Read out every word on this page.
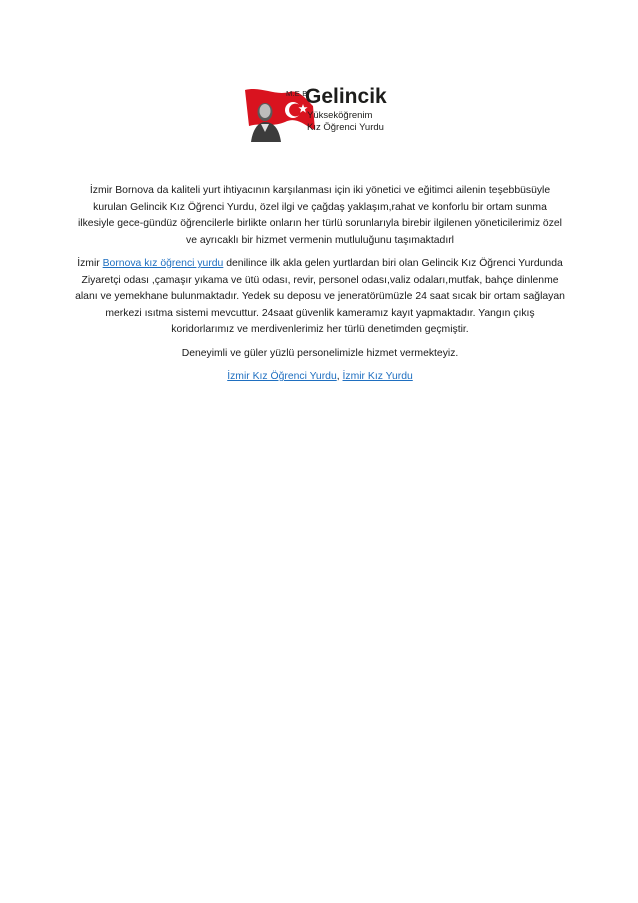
M.E.B
Gelincik
Yükseköğrenim
Kız Öğrenci Yurdu

İzmir Bornova da kaliteli yurt ihtiyacının karşılanması için iki yönetici ve eğitimci ailenin teşebbüsüyle kurulan Gelincik Kız Öğrenci Yurdu, özel ilgi ve çağdaş yaklaşım,rahat ve konforlu bir ortam sunma ilkesiyle gece-gündüz öğrencilerle birlikte onların her türlü sorunlarıyla birebir ilgilenen yöneticilerimiz özel ve ayrıcaklı bir hizmet vermenin mutluluğunu taşımaktadırl

İzmir Bornova kız öğrenci yurdu denilince ilk akla gelen yurtlardan biri olan Gelincik Kız Öğrenci Yurdunda Ziyaretçi odası ,çamaşır yıkama ve ütü odası, revir, personel odası,valiz odaları,mutfak, bahçe dinlenme alanı ve yemekhane bulunmaktadır. Yedek su deposu ve jeneratörümüzle 24 saat sıcak bir ortam sağlayan merkezi ısıtma sistemi mevcuttur. 24saat güvenlik kameramız kayıt yapmaktadır. Yangın çıkış koridorlarımız ve merdivenlerimiz her türlü denetimden geçmiştir.

Deneyimli ve güler yüzlü personelimizle hizmet vermekteyiz.

İzmir Kız Öğrenci Yurdu, İzmir Kız Yurdu
